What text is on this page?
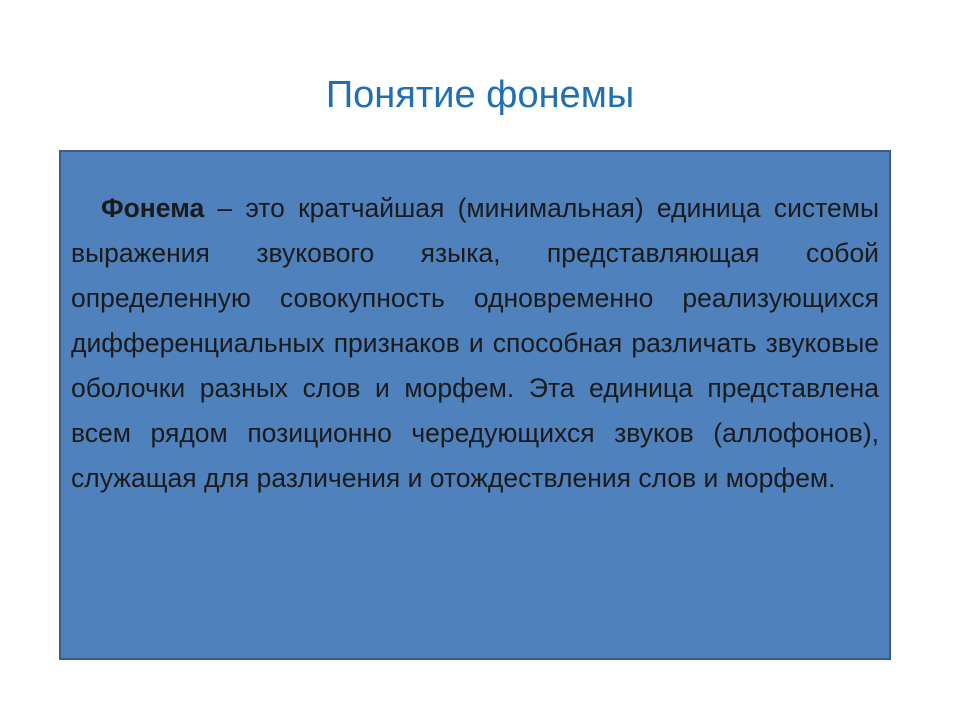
Понятие фонемы

Фонема – это кратчайшая (минимальная) единица системы выражения звукового языка, представляющая собой определенную совокупность одновременно реализующихся дифференциальных признаков и способная различать звуковые оболочки разных слов и морфем. Эта единица представлена всем рядом позиционно чередующихся звуков (аллофонов), служащая для различения и отождествления слов и морфем.
